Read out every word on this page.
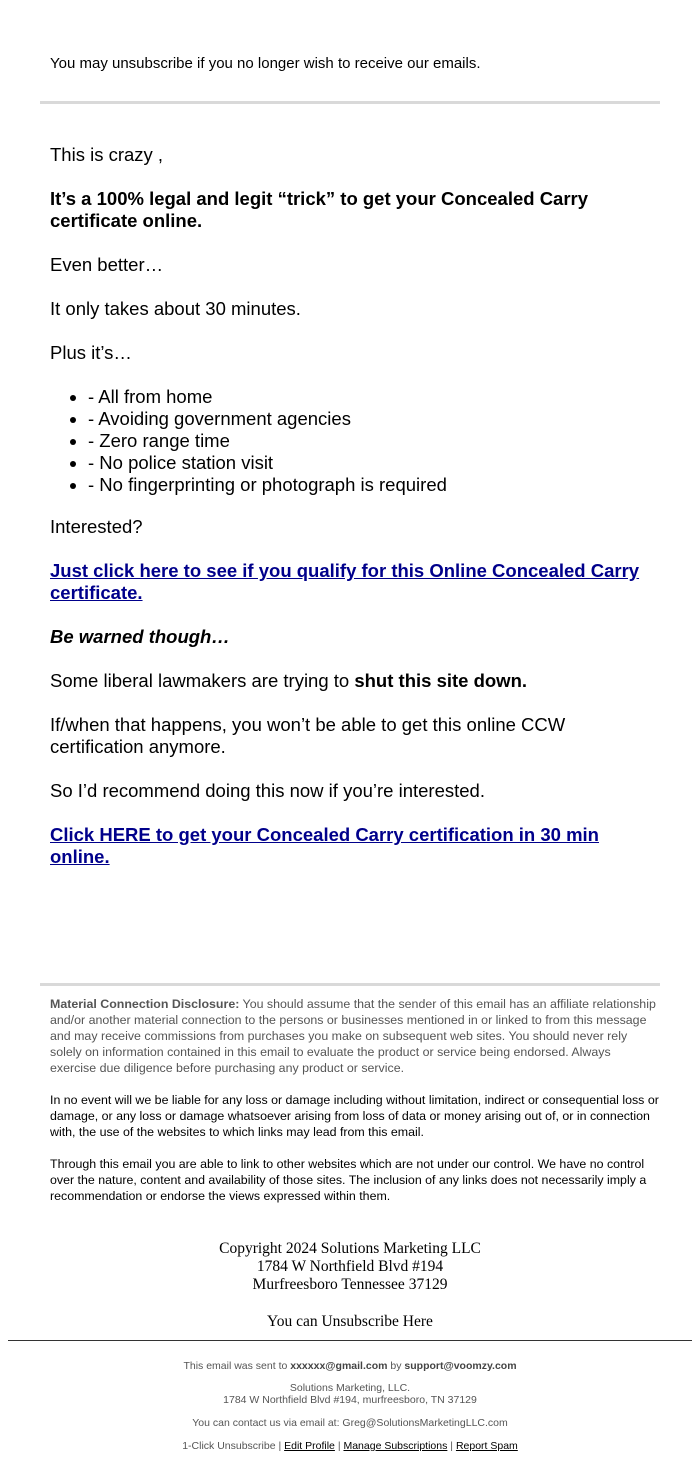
You may unsubscribe if you no longer wish to receive our emails.

This is crazy ,

It’s a 100% legal and legit “trick” to get your Concealed Carry certificate online.

Even better…

It only takes about 30 minutes.

Plus it’s…

• - All from home
• - Avoiding government agencies
• - Zero range time
• - No police station visit
• - No fingerprinting or photograph is required

Interested?

Just click here to see if you qualify for this Online Concealed Carry certificate.

Be warned though…

Some liberal lawmakers are trying to shut this site down.

If/when that happens, you won’t be able to get this online CCW certification anymore.

So I’d recommend doing this now if you’re interested.

Click HERE to get your Concealed Carry certification in 30 min online.

Material Connection Disclosure: You should assume that the sender of this email has an affiliate relationship and/or another material connection to the persons or businesses mentioned in or linked to from this message and may receive commissions from purchases you make on subsequent web sites. You should never rely solely on information contained in this email to evaluate the product or service being endorsed. Always exercise due diligence before purchasing any product or service.
In no event will we be liable for any loss or damage including without limitation, indirect or consequential loss or damage, or any loss or damage whatsoever arising from loss of data or money arising out of, or in connection with, the use of the websites to which links may lead from this email.
Through this email you are able to link to other websites which are not under our control. We have no control over the nature, content and availability of those sites. The inclusion of any links does not necessarily imply a recommendation or endorse the views expressed within them.
Copyright 2024 Solutions Marketing LLC
1784 W Northfield Blvd #194
Murfreesboro Tennessee 37129
You can Unsubscribe Here
This email was sent to xxxxxx@gmail.com by support@voomzy.com
Solutions Marketing, LLC.
1784 W Northfield Blvd #194, murfreesboro, TN 37129
You can contact us via email at: Greg@SolutionsMarketingLLC.com
1-Click Unsubscribe | Edit Profile | Manage Subscriptions | Report Spam
